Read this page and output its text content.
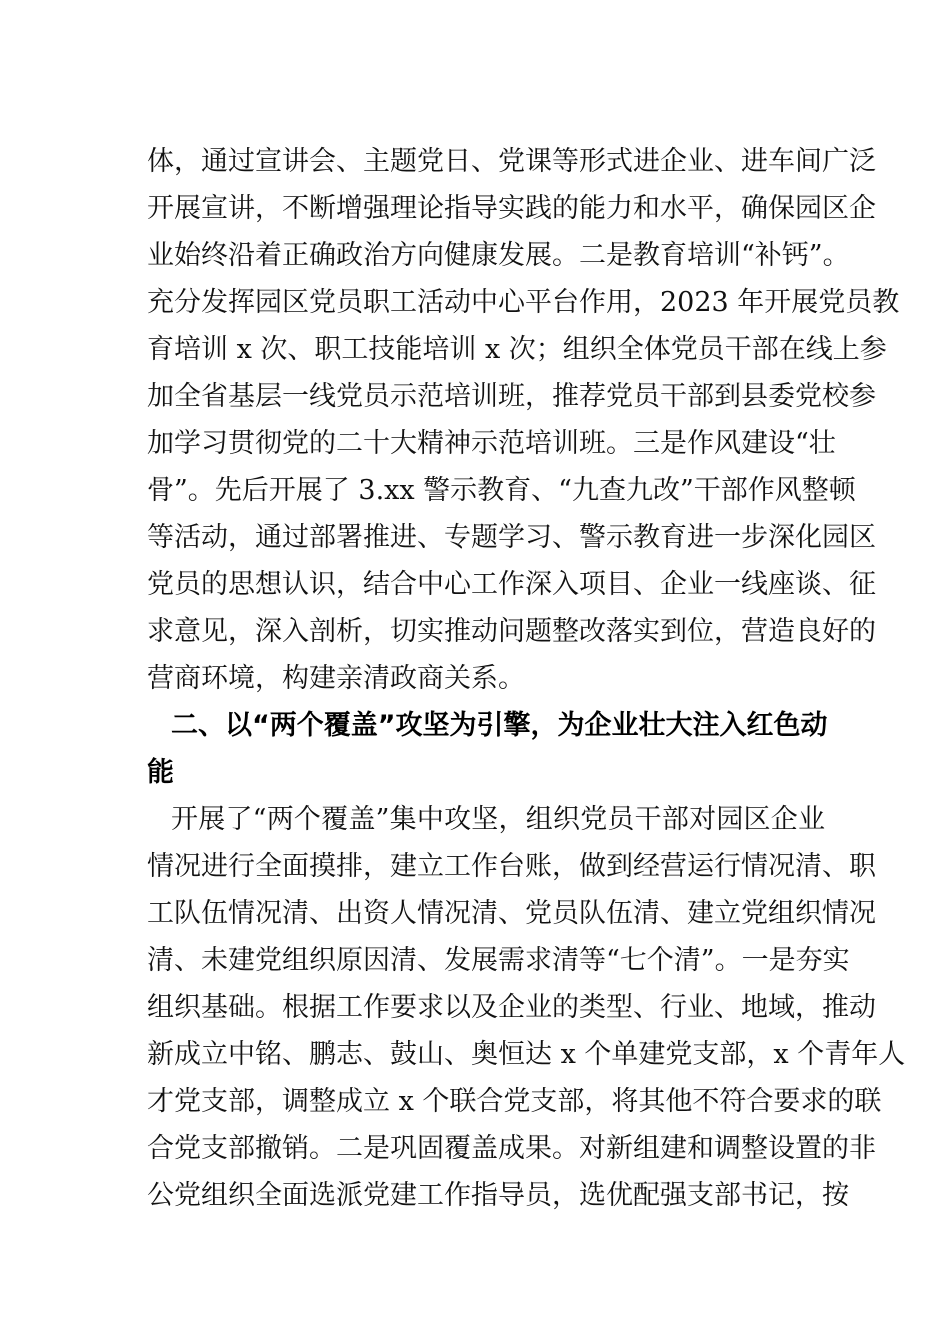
体，通过宣讲会、主题党日、党课等形式进企业、进车间广泛
开展宣讲，不断增强理论指导实践的能力和水平，确保园区企
业始终沿着正确政治方向健康发展。二是教育培训“补钙”。
充分发挥园区党员职工活动中心平台作用，2023 年开展党员教
育培训 x 次、职工技能培训 x 次；组织全体党员干部在线上参
加全省基层一线党员示范培训班，推荐党员干部到县委党校参
加学习贯彻党的二十大精神示范培训班。三是作风建设“壮
骨”。先后开展了 3.xx 警示教育、“九查九改”干部作风整顿
等活动，通过部署推进、专题学习、警示教育进一步深化园区
党员的思想认识，结合中心工作深入项目、企业一线座谈、征
求意见，深入剖析，切实推动问题整改落实到位，营造良好的
营商环境，构建亲清政商关系。
二、以“两个覆盖”攻坚为引擎，为企业壮大注入红色动
能
开展了“两个覆盖”集中攻坚，组织党员干部对园区企业
情况进行全面摸排，建立工作台账，做到经营运行情况清、职
工队伍情况清、出资人情况清、党员队伍清、建立党组织情况
清、未建党组织原因清、发展需求清等“七个清”。一是夯实
组织基础。根据工作要求以及企业的类型、行业、地域，推动
新成立中铭、鹏志、鼓山、奥恒达 x 个单建党支部，x 个青年人
才党支部，调整成立 x 个联合党支部，将其他不符合要求的联
合党支部撤销。二是巩固覆盖成果。对新组建和调整设置的非
公党组织全面选派党建工作指导员，选优配强支部书记，按
